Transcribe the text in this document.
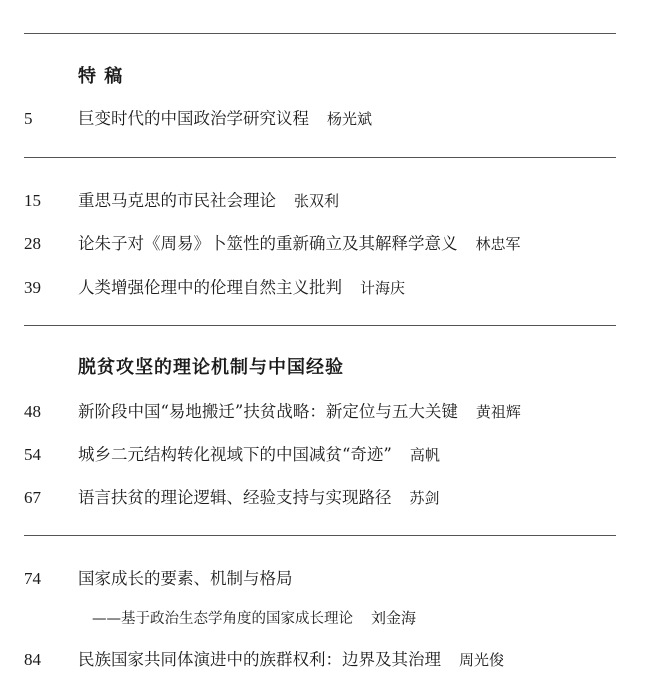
特 稿
5	巨变时代的中国政治学研究议程 杨光斌
15 重思马克思的市民社会理论 张双利
28 论朱子对《周易》卜筮性的重新确立及其解释学意义 林忠军
39 人类增强伦理中的伦理自然主义批判 计海庆
脱贫攻坚的理论机制与中国经验
48 新阶段中国“易地搬迁”扶贫战略：新定位与五大关键 黄祖辉
54 城乡二元结构转化视域下的中国减贫“奇迹” 高帆
67 语言扶贫的理论逻辑、经验支持与实现路径 苏剑
74 国家成长的要素、机制与格局
——基于政治生态学角度的国家成长理论 刘金海
84 民族国家共同体演进中的族群权利：边界及其治理 周光俊
